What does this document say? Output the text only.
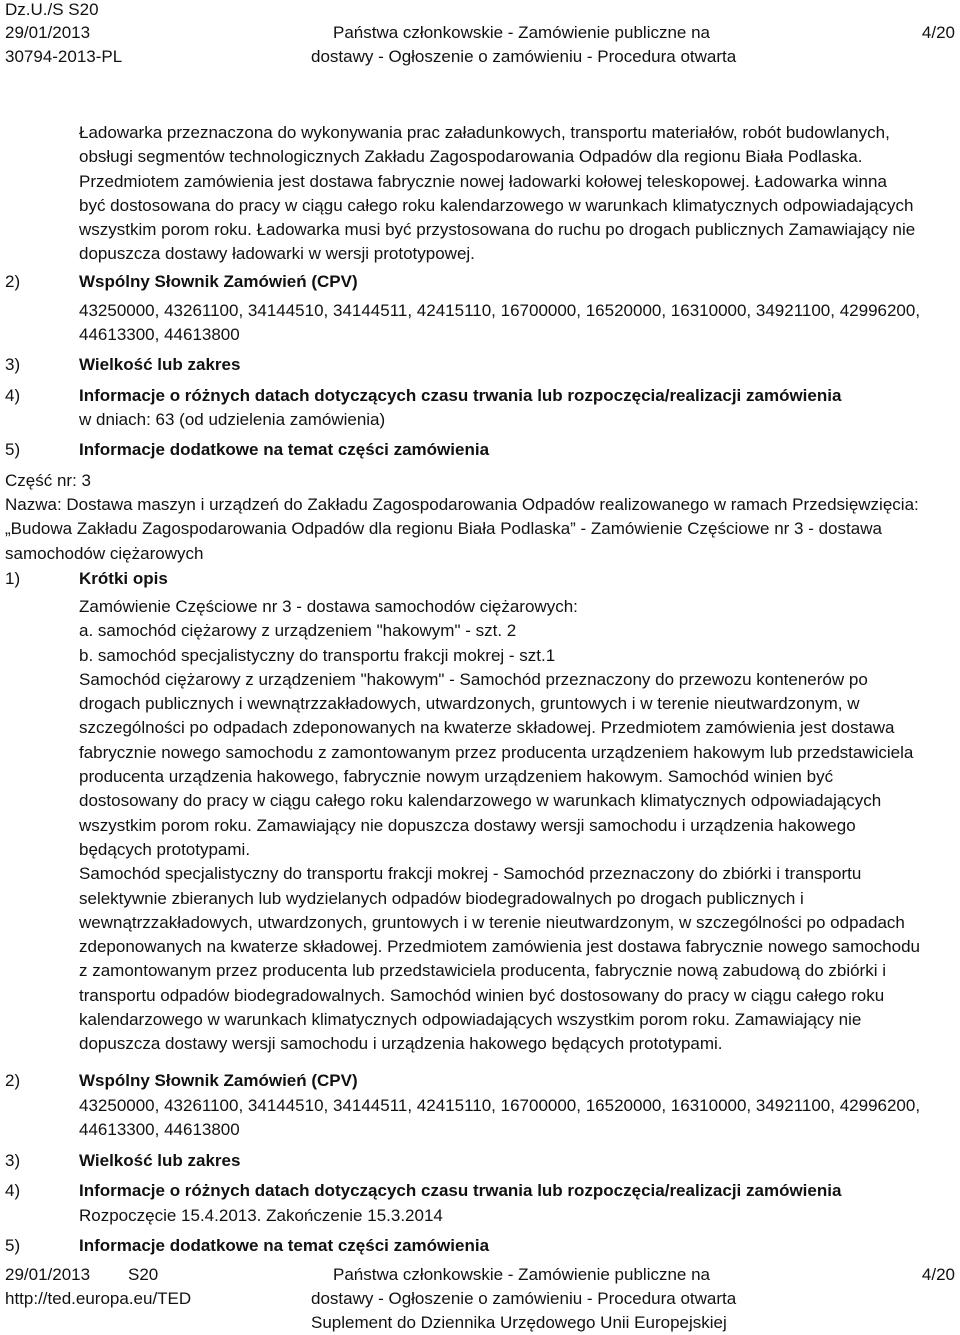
Dz.U./S S20
29/01/2013
30794-2013-PL
Państwa członkowskie - Zamówienie publiczne na
dostawy - Ogłoszenie o zamówieniu - Procedura otwarta
4/20
Ładowarka przeznaczona do wykonywania prac załadunkowych, transportu materiałów, robót budowlanych,
obsługi segmentów technologicznych Zakładu Zagospodarowania Odpadów dla regionu Biała Podlaska.
Przedmiotem zamówienia jest dostawa fabrycznie nowej ładowarki kołowej teleskopowej. Ładowarka winna
być dostosowana do pracy w ciągu całego roku kalendarzowego w warunkach klimatycznych odpowiadających
wszystkim porom roku. Ładowarka musi być przystosowana do ruchu po drogach publicznych Zamawiający nie
dopuszcza dostawy ładowarki w wersji prototypowej.
2)	Wspólny Słownik Zamówień (CPV)
43250000, 43261100, 34144510, 34144511, 42415110, 16700000, 16520000, 16310000, 34921100, 42996200,
44613300, 44613800
3)	Wielkość lub zakres
4)	Informacje o różnych datach dotyczących czasu trwania lub rozpoczęcia/realizacji zamówienia
w dniach: 63 (od udzielenia zamówienia)
5)	Informacje dodatkowe na temat części zamówienia
Część nr: 3
Nazwa: Dostawa maszyn i urządzeń do Zakładu Zagospodarowania Odpadów realizowanego w ramach Przedsięwzięcia:
„Budowa Zakładu Zagospodarowania Odpadów dla regionu Biała Podlaska” - Zamówienie Częściowe nr 3 - dostawa
samochodów ciężarowych
1)	Krótki opis
Zamówienie Częściowe nr 3 - dostawa samochodów ciężarowych:
a. samochód ciężarowy z urządzeniem "hakowym" - szt. 2
b. samochód specjalistyczny do transportu frakcji mokrej - szt.1
Samochód ciężarowy z urządzeniem "hakowym" - Samochód przeznaczony do przewozu kontenerów po
drogach publicznych i wewnątrzzakładowych, utwardzonych, gruntowych i w terenie nieutwardzonym, w
szczególności po odpadach zdeponowanych na kwaterze składowej. Przedmiotem zamówienia jest dostawa
fabrycznie nowego samochodu z zamontowanym przez producenta urządzeniem hakowym lub przedstawiciela
producenta urządzenia hakowego, fabrycznie nowym urządzeniem hakowym. Samochód winien być
dostosowany do pracy w ciągu całego roku kalendarzowego w warunkach klimatycznych odpowiadających
wszystkim porom roku. Zamawiający nie dopuszcza dostawy wersji samochodu i urządzenia hakowego
będących prototypami.
Samochód specjalistyczny do transportu frakcji mokrej - Samochód przeznaczony do zbiórki i transportu
selektywnie zbieranych lub wydzielanych odpadów biodegradowalnych po drogach publicznych i
wewnątrzzakładowych, utwardzonych, gruntowych i w terenie nieutwardzonym, w szczególności po odpadach
zdeponowanych na kwaterze składowej. Przedmiotem zamówienia jest dostawa fabrycznie nowego samochodu
z zamontowanym przez producenta lub przedstawiciela producenta, fabrycznie nową zabudową do zbiórki i
transportu odpadów biodegradowalnych. Samochód winien być dostosowany do pracy w ciągu całego roku
kalendarzowego w warunkach klimatycznych odpowiadających wszystkim porom roku. Zamawiający nie
dopuszcza dostawy wersji samochodu i urządzenia hakowego będących prototypami.
2)	Wspólny Słownik Zamówień (CPV)
43250000, 43261100, 34144510, 34144511, 42415110, 16700000, 16520000, 16310000, 34921100, 42996200,
44613300, 44613800
3)	Wielkość lub zakres
4)	Informacje o różnych datach dotyczących czasu trwania lub rozpoczęcia/realizacji zamówienia
Rozpoczęcie 15.4.2013. Zakończenie 15.3.2014
5)	Informacje dodatkowe na temat części zamówienia
29/01/2013 S20
http://ted.europa.eu/TED
Państwa członkowskie - Zamówienie publiczne na
dostawy - Ogłoszenie o zamówieniu - Procedura otwarta
Suplement do Dziennika Urzędowego Unii Europejskiej
4/20
